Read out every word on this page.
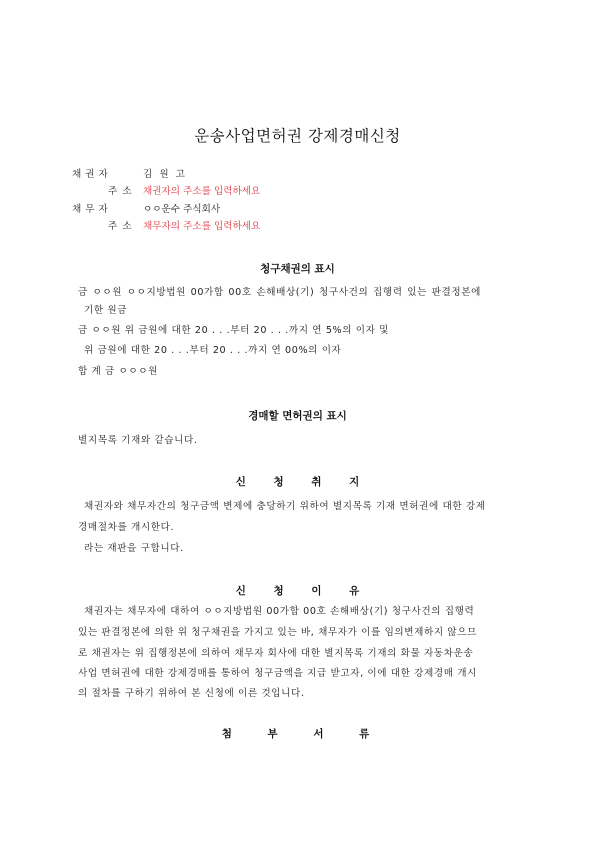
운송사업면허권 강제경매신청
채권자	김 원 고
주 소 채권자의 주소를 입력하세요
채무자	ㅇㅇ운수 주식회사
주 소 채무자의 주소를 입력하세요
청구채권의 표시
금 ㅇㅇ원 ㅇㅇ지방법원 00가합 00호 손해배상(기) 청구사건의 집행력 있는 판결정본에
기한 원금
금 ㅇㅇ원 위 금원에 대한 20 . . .부터 20 . . .까지 연 5%의 이자 및
위 금원에 대한 20 . . .부터 20 . . .까지 연 00%의 이자
합 계 금 ㅇㅇㅇ원
경매할 면허권의 표시
별지목록 기재와 같습니다.
신 청 취 지
채권자와 채무자간의 청구금액 변제에 충당하기 위하여 별지목록 기재 면허권에 대한 강제
경매절차를 개시한다.
라는 재판을 구합니다.
신 청 이 유
채권자는 채무자에 대하여 ㅇㅇ지방법원 00가합 00호 손해배상(기) 청구사건의 집행력
있는 판결정본에 의한 위 청구채권을 가지고 있는 바, 채무자가 이를 임의변제하지 않으므
로 채권자는 위 집행정본에 의하여 채무자 회사에 대한 별지목록 기재의 화물 자동차운송
사업 면허권에 대한 강제경매를 통하여 청구금액을 지급 받고자, 이에 대한 강제경매 개시
의 절차를 구하기 위하여 본 신청에 이른 것입니다.
첨 부 서 류
